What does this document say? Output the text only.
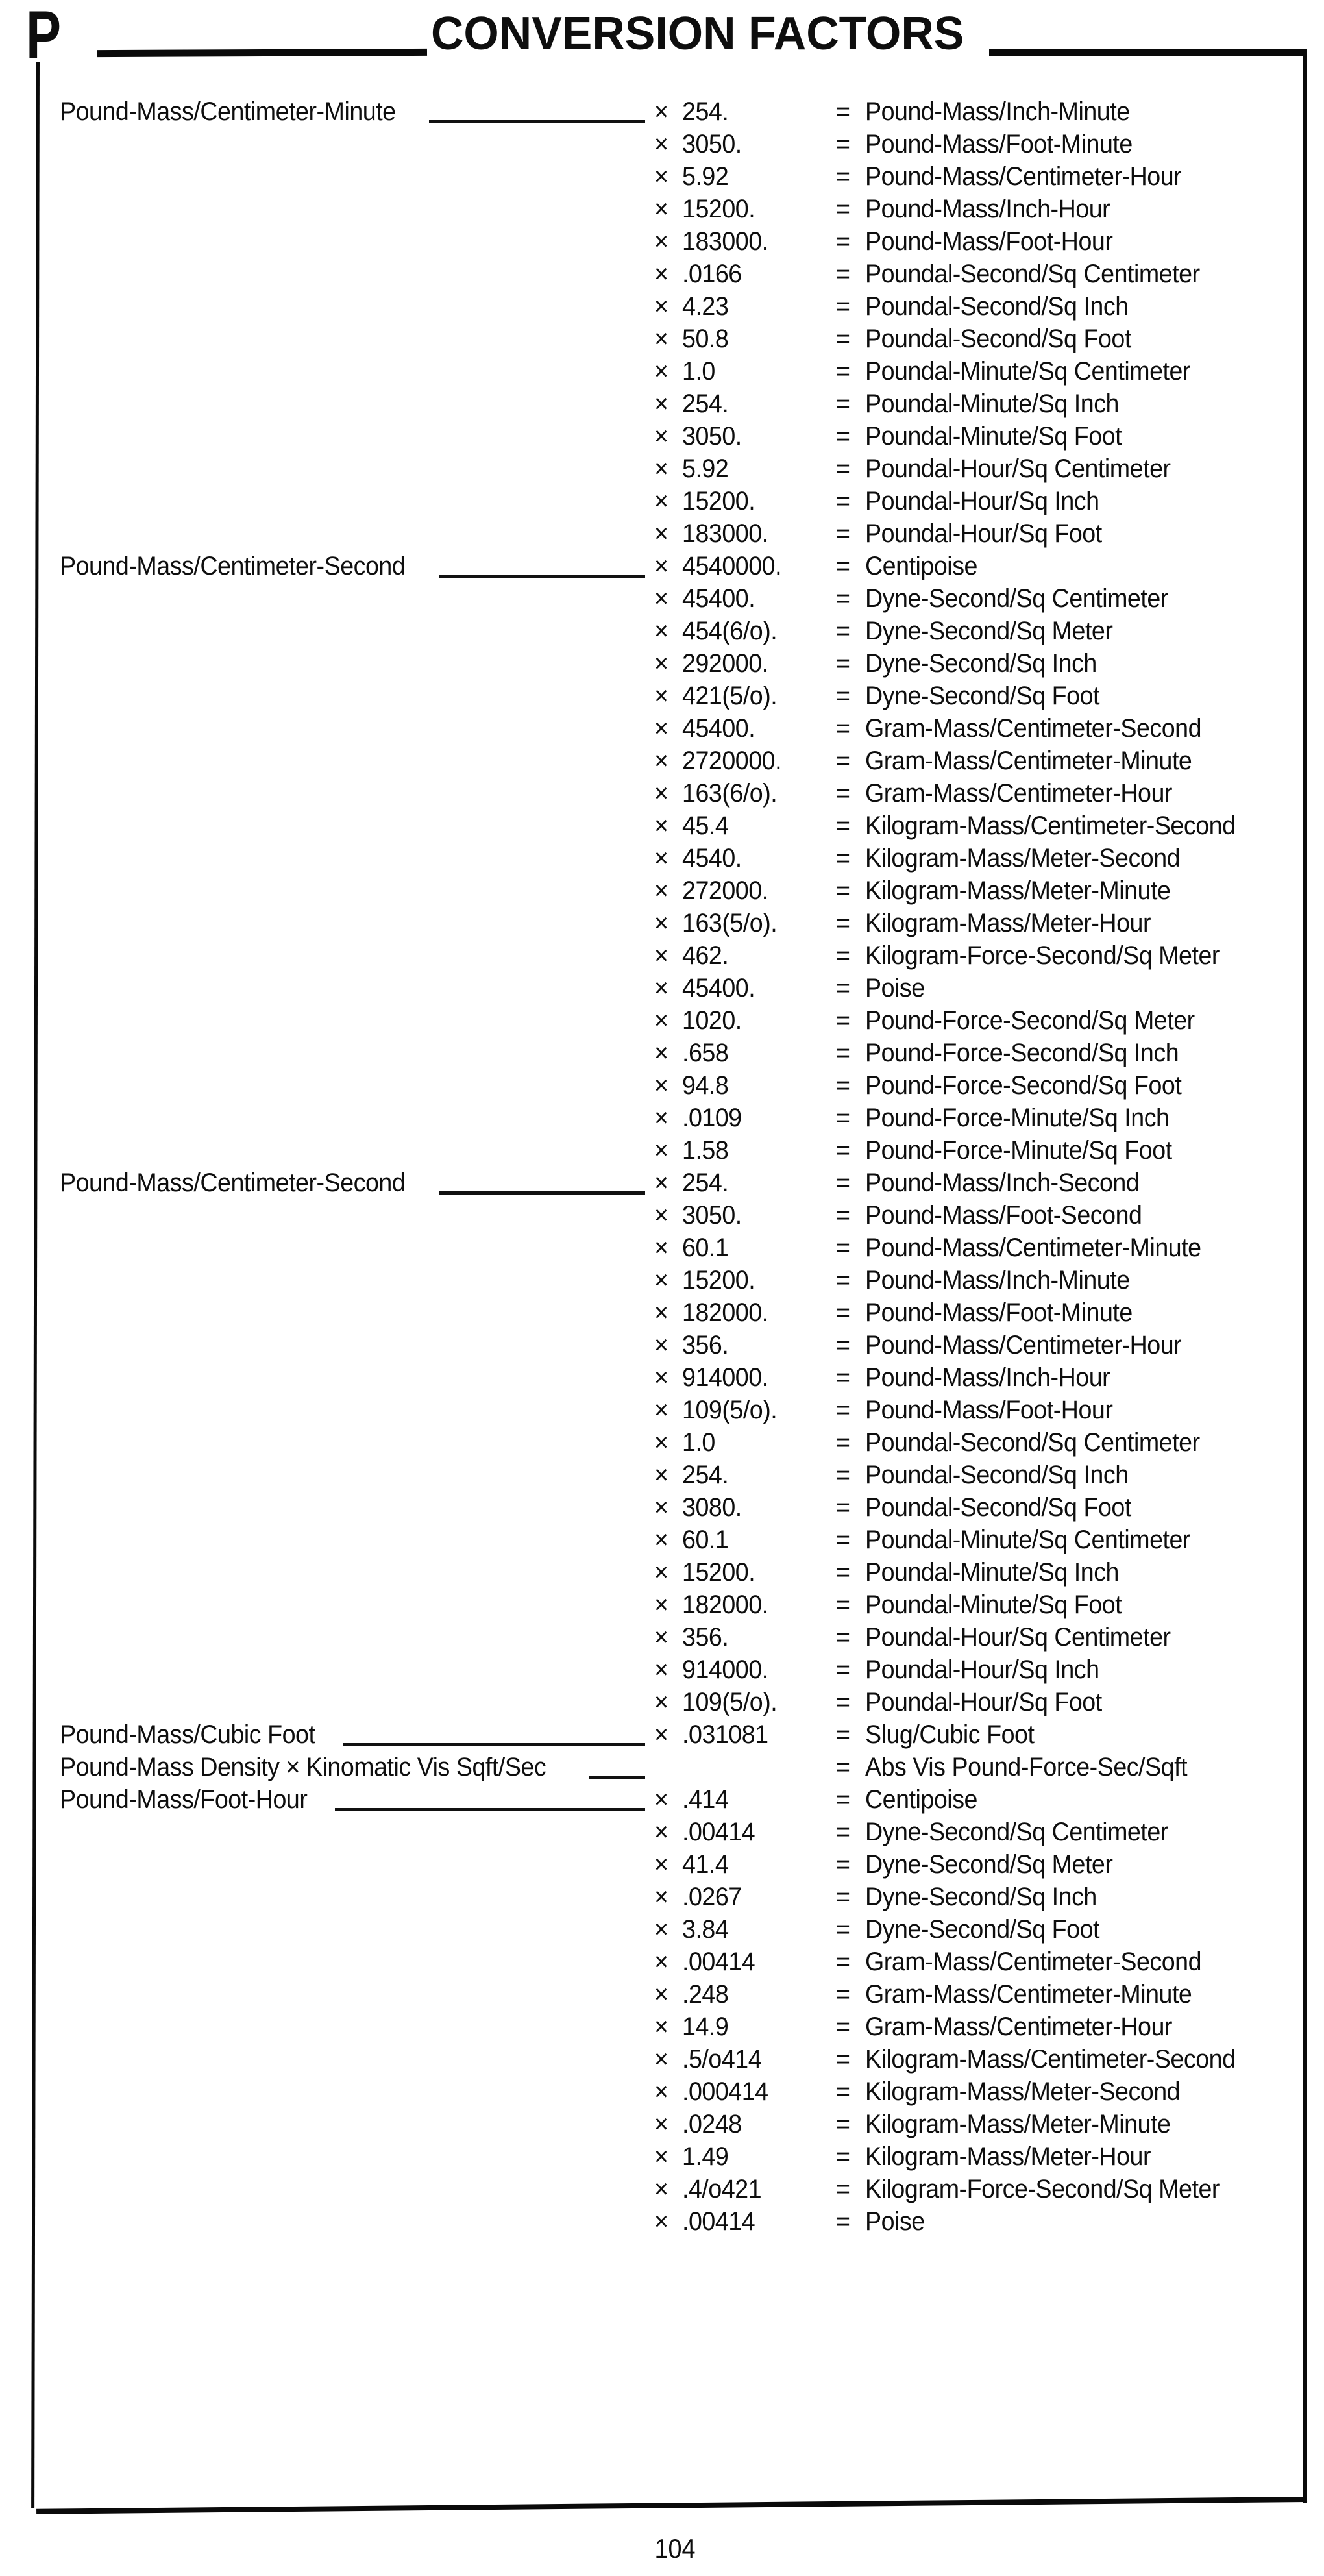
P	CONVERSION FACTORS
Pound-Mass/Centimeter-Minute	× 254.	= Pound-Mass/Inch-Minute
× 3050.	= Pound-Mass/Foot-Minute
× 5.92	= Pound-Mass/Centimeter-Hour
× 15200.	= Pound-Mass/Inch-Hour
× 183000.	= Pound-Mass/Foot-Hour
× .0166	= Poundal-Second/Sq Centimeter
× 4.23	= Poundal-Second/Sq Inch
× 50.8	= Poundal-Second/Sq Foot
× 1.0	= Poundal-Minute/Sq Centimeter
× 254.	= Poundal-Minute/Sq Inch
× 3050.	= Poundal-Minute/Sq Foot
× 5.92	= Poundal-Hour/Sq Centimeter
× 15200.	= Poundal-Hour/Sq Inch
× 183000.	= Poundal-Hour/Sq Foot
Pound-Mass/Centimeter-Second	× 4540000. = Centipoise
× 45400.	= Dyne-Second/Sq Centimeter
× 454(6/o). = Dyne-Second/Sq Meter
× 292000.	= Dyne-Second/Sq Inch
× 421(5/o). = Dyne-Second/Sq Foot
× 45400.	= Gram-Mass/Centimeter-Second
× 2720000. = Gram-Mass/Centimeter-Minute
× 163(6/o). = Gram-Mass/Centimeter-Hour
× 45.4	= Kilogram-Mass/Centimeter-Second
× 4540.	= Kilogram-Mass/Meter-Second
× 272000.	= Kilogram-Mass/Meter-Minute
× 163(5/o). = Kilogram-Mass/Meter-Hour
× 462.	= Kilogram-Force-Second/Sq Meter
× 45400.	= Poise
× 1020.	= Pound-Force-Second/Sq Meter
× .658	= Pound-Force-Second/Sq Inch
× 94.8	= Pound-Force-Second/Sq Foot
× .0109	= Pound-Force-Minute/Sq Inch
× 1.58	= Pound-Force-Minute/Sq Foot
Pound-Mass/Centimeter-Second	× 254.	= Pound-Mass/Inch-Second
× 3050.	= Pound-Mass/Foot-Second
× 60.1	= Pound-Mass/Centimeter-Minute
× 15200.	= Pound-Mass/Inch-Minute
× 182000.	= Pound-Mass/Foot-Minute
× 356.	= Pound-Mass/Centimeter-Hour
× 914000.	= Pound-Mass/Inch-Hour
× 109(5/o). = Pound-Mass/Foot-Hour
× 1.0	= Poundal-Second/Sq Centimeter
× 254.	= Poundal-Second/Sq Inch
× 3080.	= Poundal-Second/Sq Foot
× 60.1	= Poundal-Minute/Sq Centimeter
× 15200.	= Poundal-Minute/Sq Inch
× 182000.	= Poundal-Minute/Sq Foot
× 356.	= Poundal-Hour/Sq Centimeter
× 914000.	= Poundal-Hour/Sq Inch
× 109(5/o). = Poundal-Hour/Sq Foot
Pound-Mass/Cubic Foot	× .031081	= Slug/Cubic Foot
Pound-Mass Density × Kinomatic Vis Sqft/Sec	= Abs Vis Pound-Force-Sec/Sqft
Pound-Mass/Foot-Hour	× .414	= Centipoise
× .00414	= Dyne-Second/Sq Centimeter
× 41.4	= Dyne-Second/Sq Meter
× .0267	= Dyne-Second/Sq Inch
× 3.84	= Dyne-Second/Sq Foot
× .00414	= Gram-Mass/Centimeter-Second
× .248	= Gram-Mass/Centimeter-Minute
× 14.9	= Gram-Mass/Centimeter-Hour
× .5/o414	= Kilogram-Mass/Centimeter-Second
× .000414	= Kilogram-Mass/Meter-Second
× .0248	= Kilogram-Mass/Meter-Minute
× 1.49	= Kilogram-Mass/Meter-Hour
× .4/o421	= Kilogram-Force-Second/Sq Meter
× .00414	= Poise
104
